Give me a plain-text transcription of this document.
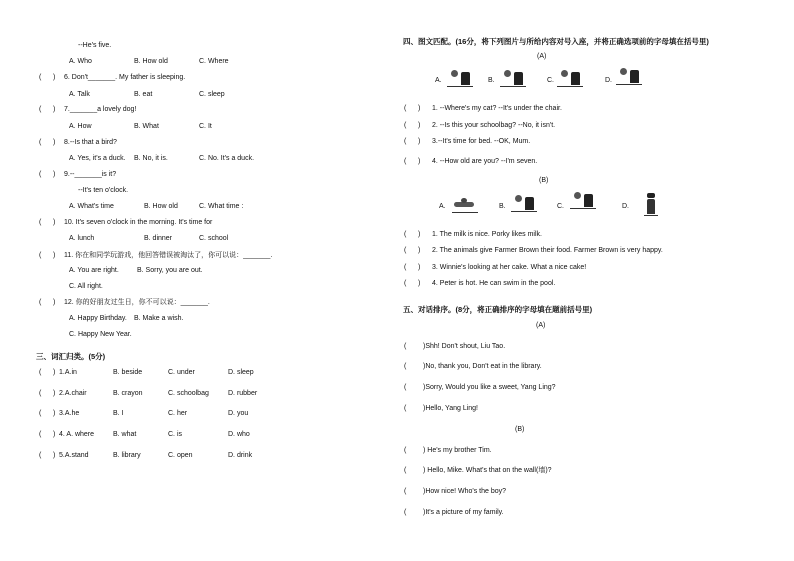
--He's five.
A. Who	B. How old	C. Where
(      ) 6. Don't_______. My father is sleeping.
A. Talk	B. eat	C. sleep
(      ) 7._______a lovely dog!
A. How	B. What	C. It
(      ) 8.--Is that a bird?
A. Yes, it's a duck. B. No, it is.	C. No. It's a duck.
(      ) 9.--_______is it?
--It's ten o'clock.
A. What's time	B. How old	C. What time :
(      ) 10. It's seven o'clock in the morning. It's time for
A. lunch	B. dinner	C. school
(      ) 11. 你在和同学玩游戏，他回答错误被淘汰了，你可以说：_______.
A. You are right.	B. Sorry, you are out.
C. All right.
(      ) 12. 你的好朋友过生日，你不可以说：_______.
A. Happy Birthday. B. Make a wish.
C. Happy New Year.
三、词汇归类。(5分)
(      ) 1.A.in	B. beside	C. under	D. sleep
(      ) 2.A.chair	B. crayon	C. schoolbag	D. rubber
(      ) 3.A.he	B. I	C. her	D. you
(      ) 4. A. where	B. what	C. is	D. who
(      ) 5.A.stand	B. library	C. open	D. drink
四、图文匹配。(16分，将下列图片与所给内容对号入座，并将正确选项前的字母填在括号里)
(A)
A.	B.	C.	D.
(      ) 1. --Where's my cat? --It's under the chair.
(      ) 2. --Is this your schoolbag? --No, it isn't.
(      ) 3.--It's time for bed. --OK, Mum.
(      ) 4. --How old are you? --I'm seven.
(B)
A.	B.	C.	D.
(      ) 1. The milk is nice. Porky likes milk.
(      ) 2. The animals give Farmer Brown their food. Farmer Brown is very happy.
(      ) 3. Winnie's looking at her cake. What a nice cake!
(      ) 4. Peter is hot. He can swim in the pool.
五、对话排序。(8分，将正确排序的字母填在题前括号里)
(A)
( )Shh! Don't shout, Liu Tao.
( )No, thank you, Don't eat in the library.
( )Sorry, Would you like a sweet, Yang Ling?
( )Hello, Yang Ling!
(B)
( ) He's my brother Tim.
( ) Hello, Mike. What's that on the wall(墙)?
( )How nice! Who's the boy?
( )It's a picture of my family.
